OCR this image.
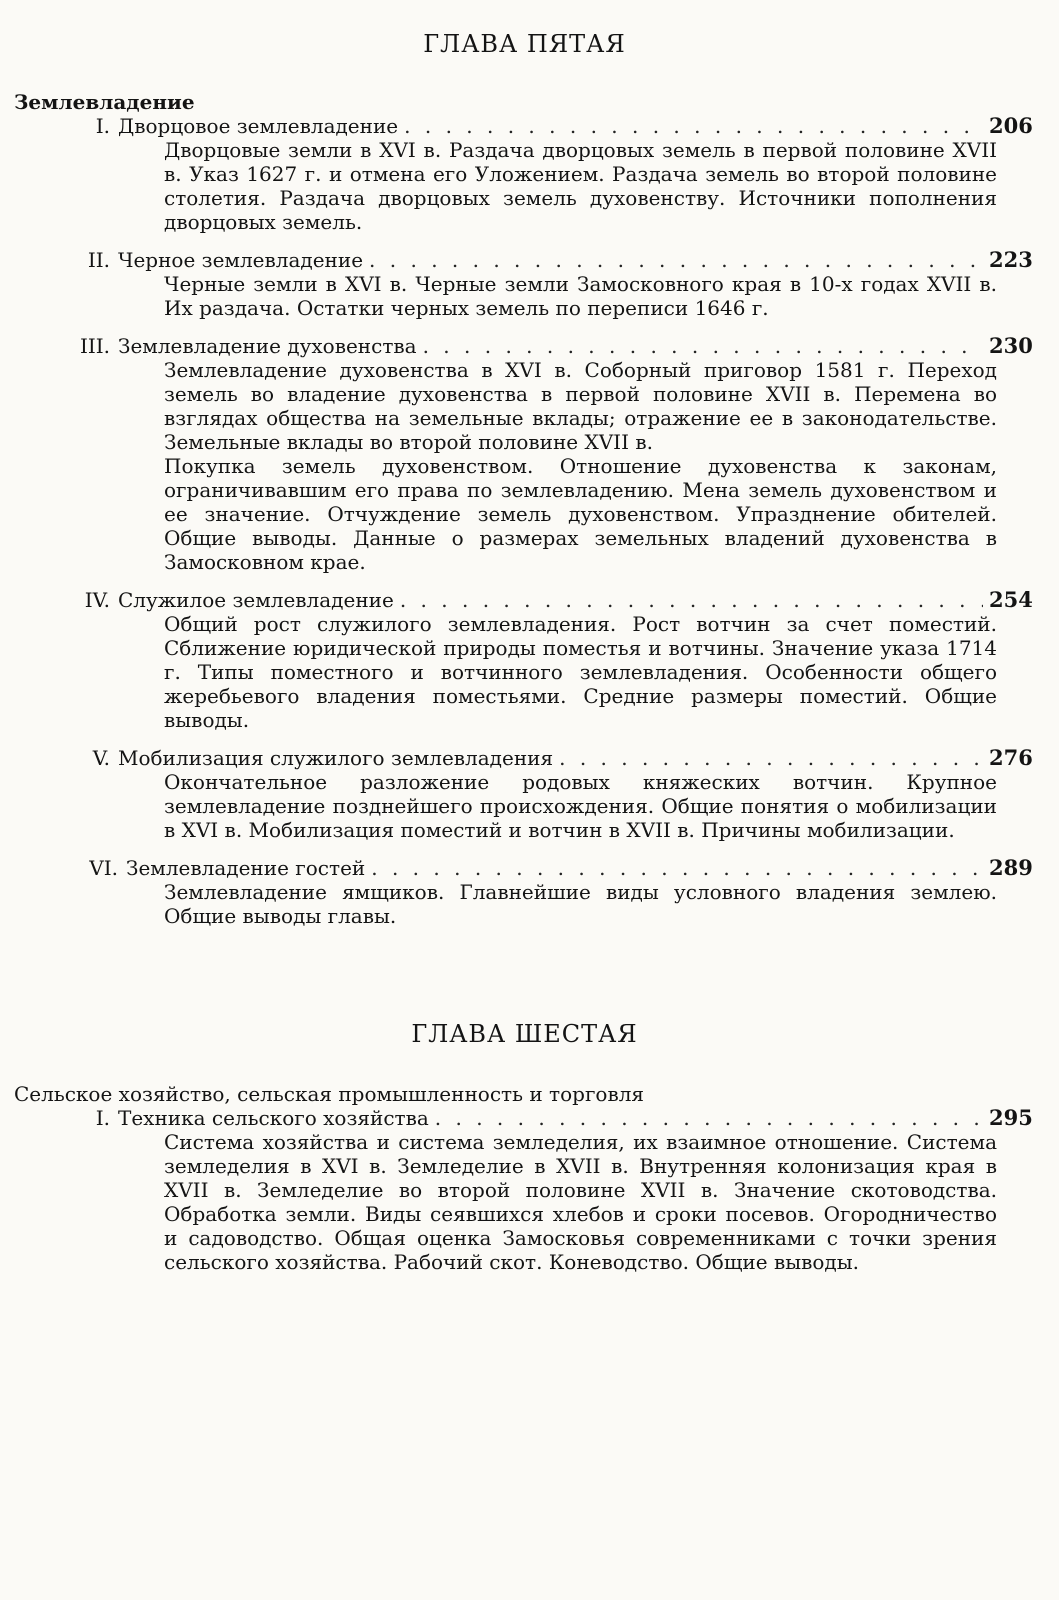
ГЛАВА ПЯТАЯ
Землевладение
I. Дворцовое землевладение . . .	206

Дворцовые земли в XVI в. Раздача дворцовых земель в первой половине XVII в. Указ 1627 г. и отмена его Уложением. Раздача земель во второй половине столетия. Раздача дворцовых земель духовенству. Источники пополнения дворцовых земель.

II. Черное землевладение . . .	223

Черные земли в XVI в. Черные земли Замосковного края в 10-х годах XVII в. Их раздача. Остатки черных земель по переписи 1646 г.

III. Землевладение духовенства . . .	230

Землевладение духовенства в XVI в. Соборный приговор 1581 г. Переход земель во владение духовенства в первой половине XVII в. Перемена во взглядах общества на земельные вклады; отражение ее в законодательстве. Земельные вклады во второй половине XVII в.

Покупка земель духовенством. Отношение духовенства к законам, ограничивавшим его права по землевладению. Мена земель духовенством и ее значение. Отчуждение земель духовенством. Упразднение обителей. Общие выводы. Данные о размерах земельных владений духовенства в Замосковном крае.

IV. Служилое землевладение . . .	254

Общий рост служилого землевладения. Рост вотчин за счет поместий. Сближение юридической природы поместья и вотчины. Значение указа 1714 г. Типы поместного и вотчинного землевладения. Особенности общего жеребьевого владения поместьями. Средние размеры поместий. Общие выводы.

V. Мобилизация служилого землевладения . . .	276

Окончательное разложение родовых княжеских вотчин. Крупное землевладение позднейшего происхождения. Общие понятия о мобилизации в XVI в. Мобилизация поместий и вотчин в XVII в. Причины мобилизации.

VI. Землевладение гостей . . .	289

Землевладение ямщиков. Главнейшие виды условного владения землею. Общие выводы главы.

ГЛАВА ШЕСТАЯ
Сельское хозяйство, сельская промышленность и торговля
I. Техника сельского хозяйства . . .	295

Система хозяйства и система земледелия, их взаимное отношение. Система земледелия в XVI в. Земледелие в XVII в. Внутренняя колонизация края в XVII в. Земледелие во второй половине XVII в. Значение скотоводства. Обработка земли. Виды сеявшихся хлебов и сроки посевов. Огородничество и садоводство. Общая оценка Замосковья современниками с точки зрения сельского хозяйства. Рабочий скот. Коневодство. Общие выводы.
